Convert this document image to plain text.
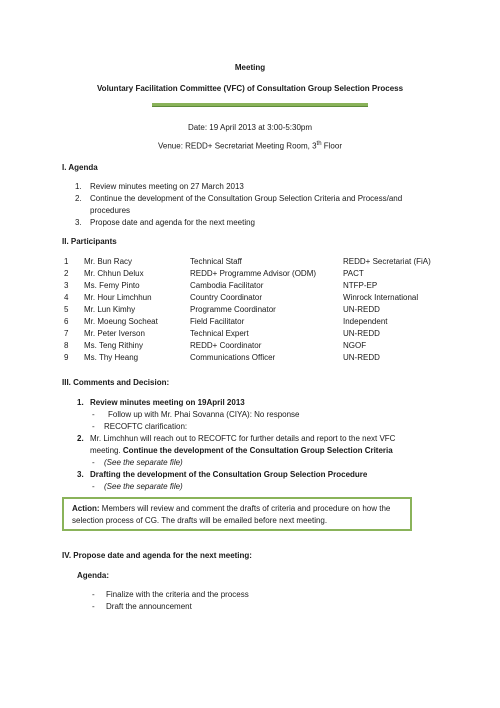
Meeting
Voluntary Facilitation Committee (VFC) of Consultation Group Selection Process
Date: 19 April 2013 at 3:00-5:30pm
Venue: REDD+ Secretariat Meeting Room, 3th Floor
I. Agenda
1. Review minutes meeting on 27 March 2013
2. Continue the development of the Consultation Group Selection Criteria and Process/and
procedures
3. Propose date and agenda for the next meeting
II. Participants
1 Mr. Bun Racy	Technical Staff	REDD+ Secretariat (FiA)
2 Mr. Chhun Delux	REDD+ Programme Advisor (ODM)	PACT
3 Ms. Femy Pinto	Cambodia Facilitator	NTFP-EP
4 Mr. Hour Limchhun	Country Coordinator	Winrock International
5 Mr. Lun Kimhy	Programme Coordinator	UN-REDD
6 Mr. Moeung Socheat	Field Facilitator	Independent
7 Mr. Peter Iverson	Technical Expert	UN-REDD
8 Ms. Teng Rithiny	REDD+ Coordinator	NGOF
9 Ms. Thy Heang	Communications Officer	UN-REDD
III. Comments and Decision:
1. Review minutes meeting on 19April 2013
- Follow up with Mr. Phai Sovanna (CIYA): No response
- RECOFTC clarification:
2. Mr. Limchhun will reach out to RECOFTC for further details and report to the next VFC
meeting. Continue the development of the Consultation Group Selection Criteria
- (See the separate file)
3. Drafting the development of the Consultation Group Selection Procedure
- (See the separate file)
Action: Members will review and comment the drafts of criteria and procedure on how the selection process of CG. The drafts will be emailed before next meeting.
IV. Propose date and agenda for the next meeting:
Agenda:
- Finalize with the criteria and the process
- Draft the announcement
